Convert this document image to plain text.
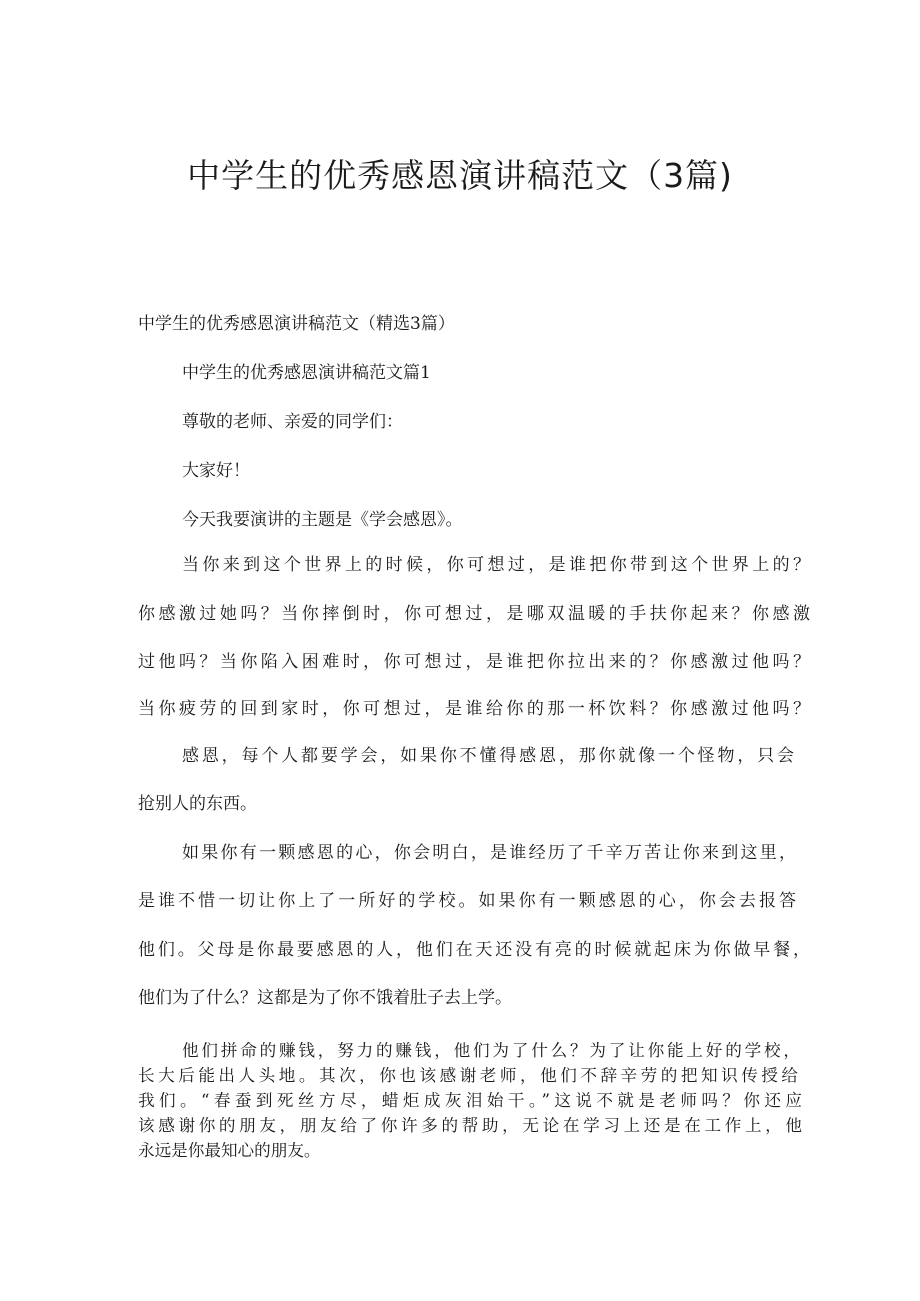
中学生的优秀感恩演讲稿范文（3篇)
中学生的优秀感恩演讲稿范文（精选3篇）
中学生的优秀感恩演讲稿范文篇1
尊敬的老师、亲爱的同学们：
大家好！
今天我要演讲的主题是《学会感恩》。
当你来到这个世界上的时候，你可想过，是谁把你带到这个世界上的？
你感激过她吗？当你摔倒时，你可想过，是哪双温暖的手扶你起来？你感激
过他吗？当你陷入困难时，你可想过，是谁把你拉出来的？你感激过他吗？
当你疲劳的回到家时，你可想过，是谁给你的那一杯饮料？你感激过他吗？
感恩，每个人都要学会，如果你不懂得感恩，那你就像一个怪物，只会
抢别人的东西。
如果你有一颗感恩的心，你会明白，是谁经历了千辛万苦让你来到这里，
是谁不惜一切让你上了一所好的学校。如果你有一颗感恩的心，你会去报答
他们。父母是你最要感恩的人，他们在天还没有亮的时候就起床为你做早餐，
他们为了什么？这都是为了你不饿着肚子去上学。
他们拼命的赚钱，努力的赚钱，他们为了什么？为了让你能上好的学校，
长大后能出人头地。其次，你也该感谢老师，他们不辞辛劳的把知识传授给
我们。“春蚕到死丝方尽，蜡炬成灰泪始干。”这说不就是老师吗？你还应
该感谢你的朋友，朋友给了你许多的帮助，无论在学习上还是在工作上，他
永远是你最知心的朋友。
